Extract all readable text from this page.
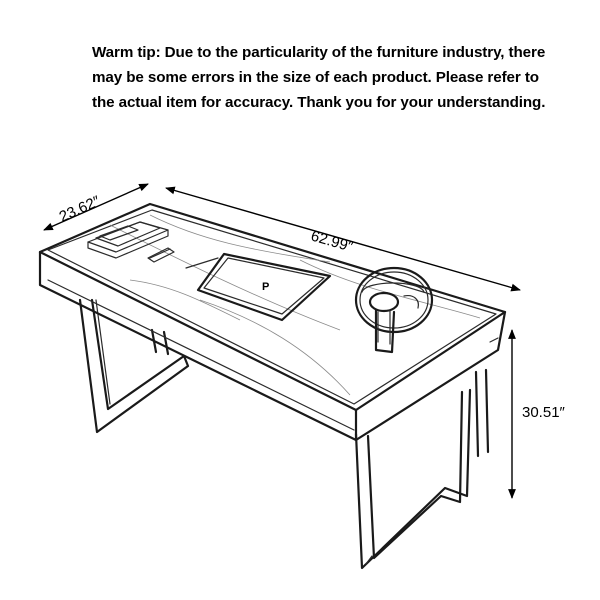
Warm tip: Due to the particularity of the furniture industry, there may be some errors in the size of each product. Please refer to the actual item for accuracy. Thank you for your understanding.

P
23.62″
62.99″
30.51″
